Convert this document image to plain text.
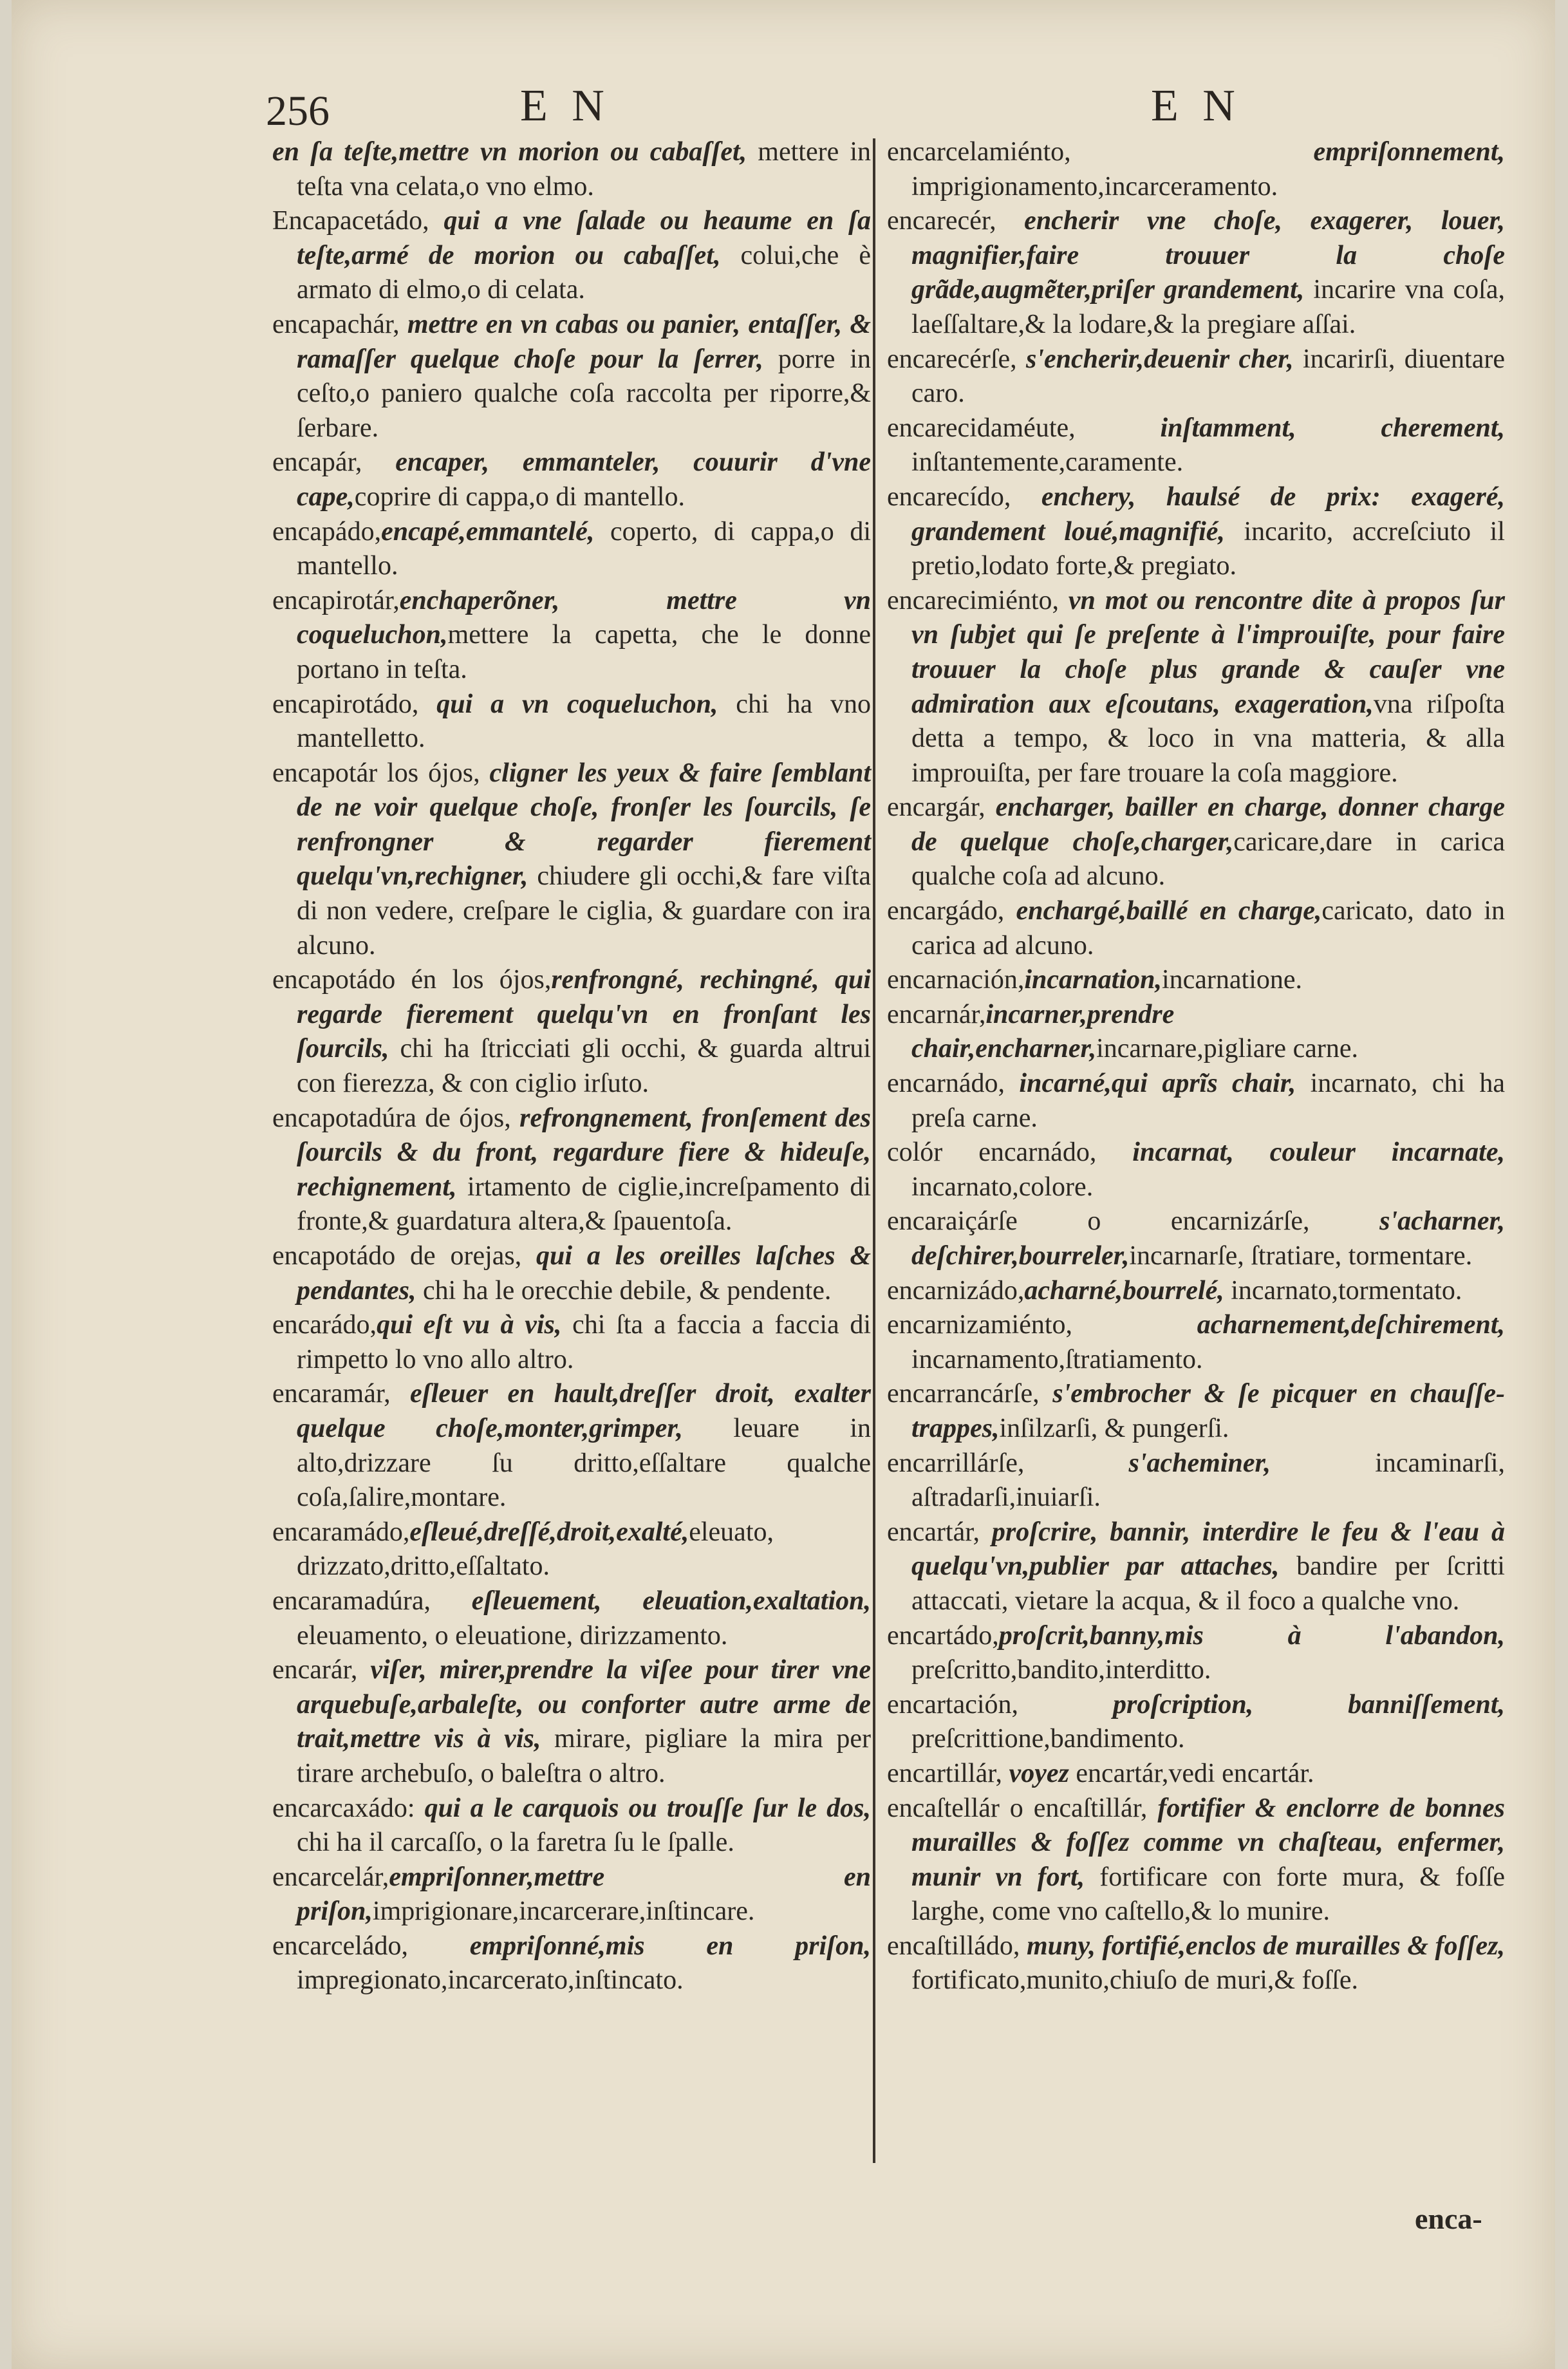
256	E N	E N

en ſa teſte,mettre vn morion ou cabaſſet, mettere in teſta vna celata,o vno elmo.

Encapacetádo, qui a vne ſalade ou heaume en ſa teſte,armé de morion ou cabaſſet, colui,che è armato di elmo,o di celata.

encapachár, mettre en vn cabas ou panier, entaſſer, & ramaſſer quelque choſe pour la ſerrer, porre in ceſto,o paniero qualche coſa raccolta per riporre,& ſerbare.

encapár, encaper, emmanteler, couurir d'vne cape,coprire di cappa,o di mantello.

encapádo,encapé,emmantelé, coperto, di cappa,o di mantello.

encapirotár,enchaperõner, mettre vn coqueluchon,mettere la capetta, che le donne portano in teſta.

encapirotádo, qui a vn coqueluchon, chi ha vno mantelletto.

encapotár los ójos, cligner les yeux & faire ſemblant de ne voir quelque choſe, fronſer les ſourcils, ſe renfrongner & regarder fierement quelqu'vn,rechigner, chiudere gli occhi,& fare viſta di non vedere, creſpare le ciglia, & guardare con ira alcuno.

encapotádo én los ójos,renfrongné, rechingné, qui regarde fierement quelqu'vn en fronſant les ſourcils, chi ha ſtricciati gli occhi, & guarda altrui con fierezza, & con ciglio irſuto.

encapotadúra de ójos, refrongnement, fronſement des ſourcils & du front, regardure fiere & hideuſe, rechignement, irtamento de ciglie,increſpamento di fronte,& guardatura altera,& ſpauentoſa.

encapotádo de orejas, qui a les oreilles laſches & pendantes, chi ha le orecchie debile, & pendente.

encarádo,qui eſt vu à vis, chi ſta a faccia a faccia di rimpetto lo vno allo altro.

encaramár, eſleuer en hault,dreſſer droit, exalter quelque choſe,monter,grimper, leuare in alto,drizzare ſu dritto,eſſaltare qualche coſa,ſalire,montare.

encaramádo,eſleué,dreſſé,droit,exalté,eleuato, drizzato,dritto,eſſaltato.

encaramadúra, eſleuement, eleuation,exaltation, eleuamento, o eleuatione, dirizzamento.

encarár, viſer, mirer,prendre la viſee pour tirer vne arquebuſe,arbaleſte, ou conforter autre arme de trait,mettre vis à vis, mirare, pigliare la mira per tirare archebuſo, o baleſtra o altro.

encarcaxádo: qui a le carquois ou trouſſe ſur le dos, chi ha il carcaſſo, o la faretra ſu le ſpalle.

encarcelár,empriſonner,mettre en priſon,imprigionare,incarcerare,inſtincare.

encarceládo, empriſonné,mis en priſon, impregionato,incarcerato,inſtincato.

encarcelamiénto, empriſonnement, imprigionamento,incarceramento.

encarecér, encherir vne choſe, exagerer, louer, magnifier,faire trouuer la choſe grãde,augmẽter,priſer grandement, incarire vna coſa, laeſſaltare,& la lodare,& la pregiare aſſai.

encarecérſe, s'encherir,deuenir cher, incarirſi, diuentare caro.

encarecidaméute, inſtamment, cherement, inſtantemente,caramente.

encarecído, enchery, haulsé de prix: exageré, grandement loué,magnifié, incarito, accreſciuto il pretio,lodato forte,& pregiato.

encarecimiénto, vn mot ou rencontre dite à propos ſur vn ſubjet qui ſe preſente à l'improuiſte, pour faire trouuer la choſe plus grande & cauſer vne admiration aux eſcoutans, exageration,vna riſpoſta detta a tempo, & loco in vna matteria, & alla improuiſta, per fare trouare la coſa maggiore.

encargár, encharger, bailler en charge, donner charge de quelque choſe,charger,caricare,dare in carica qualche coſa ad alcuno.

encargádo, enchargé,baillé en charge,caricato, dato in carica ad alcuno.

encarnación,incarnation,incarnatione.

encarnár,incarner,prendre chair,encharner,incarnare,pigliare carne.

encarnádo, incarné,qui aprĩs chair, incarnato, chi ha preſa carne.

colór encarnádo, incarnat, couleur incarnate, incarnato,colore.

encaraiçárſe o encarnizárſe, s'acharner, deſchirer,bourreler,incarnarſe, ſtratiare, tormentare.

encarnizádo,acharné,bourrelé, incarnato,tormentato.

encarnizamiénto, acharnement,deſchirement, incarnamento,ſtratiamento.

encarrancárſe, s'embrocher & ſe picquer en chauſſe-trappes,inſilzarſi, & pungerſi.

encarrillárſe, s'acheminer, incaminarſi, aſtradarſi,inuiarſi.

encartár, proſcrire, bannir, interdire le feu & l'eau à quelqu'vn,publier par attaches, bandire per ſcritti attaccati, vietare la acqua, & il foco a qualche vno.

encartádo,proſcrit,banny,mis à l'abandon, preſcritto,bandito,interditto.

encartación, proſcription, banniſſement, preſcrittione,bandimento.

encartillár, voyez encartár,vedi encartár.

encaſtellár o encaſtillár, fortifier & enclorre de bonnes murailles & foſſez comme vn chaſteau, enfermer, munir vn fort, fortificare con forte mura, & foſſe larghe, come vno caſtello,& lo munire.

encaſtilládo, muny, fortifié,enclos de murailles & foſſez, fortificato,munito,chiuſo de muri,& foſſe.

enca-
